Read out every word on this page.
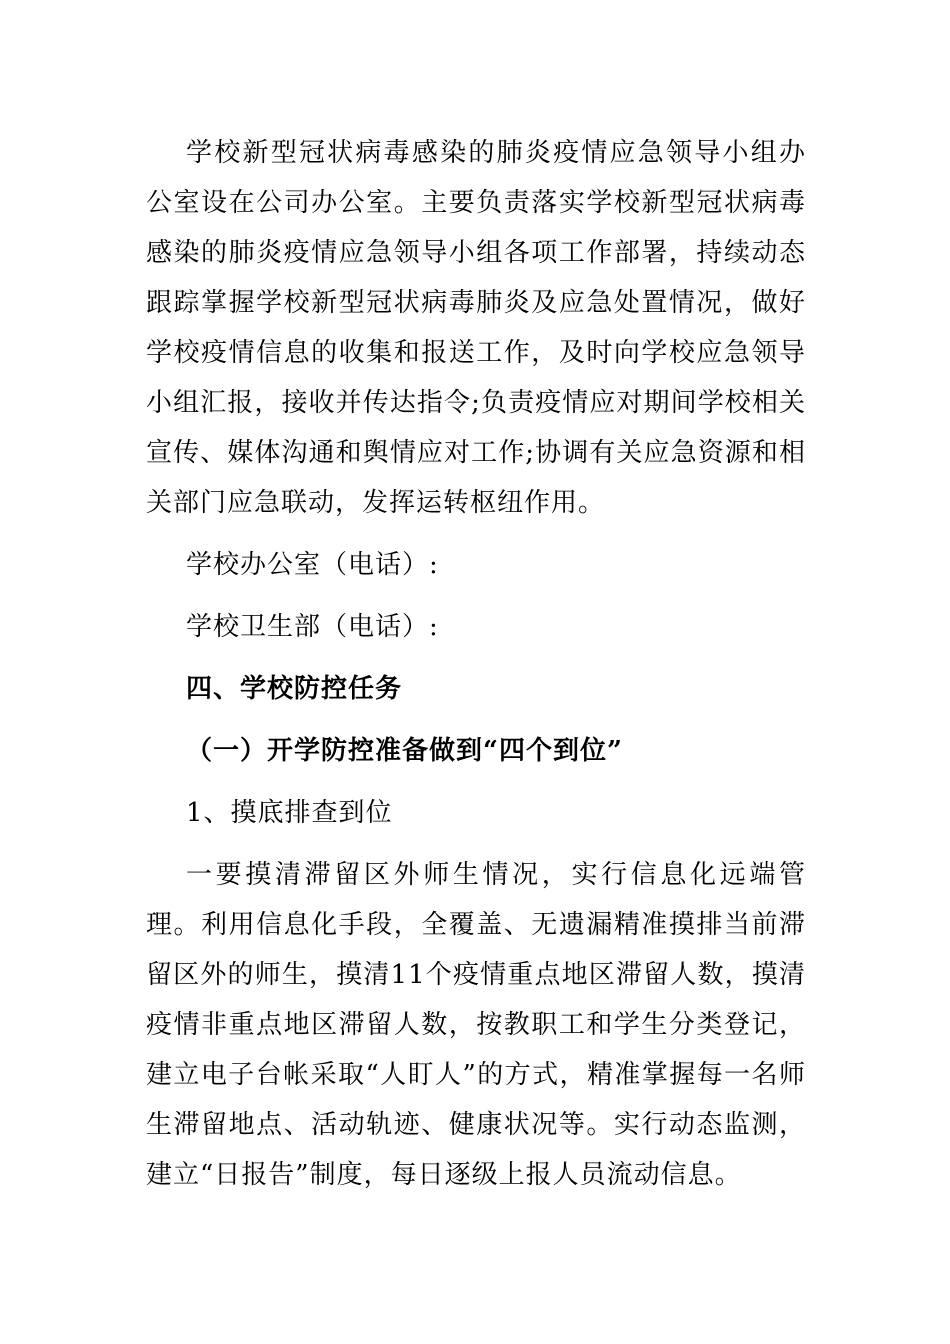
学校新型冠状病毒感染的肺炎疫情应急领导小组办公室设在公司办公室。主要负责落实学校新型冠状病毒感染的肺炎疫情应急领导小组各项工作部署，持续动态跟踪掌握学校新型冠状病毒肺炎及应急处置情况，做好学校疫情信息的收集和报送工作，及时向学校应急领导小组汇报，接收并传达指令;负责疫情应对期间学校相关宣传、媒体沟通和舆情应对工作;协调有关应急资源和相关部门应急联动，发挥运转枢纽作用。

学校办公室（电话）:

学校卫生部（电话）:

四、学校防控任务

（一）开学防控准备做到“四个到位”

1、摸底排查到位

一要摸清滞留区外师生情况，实行信息化远端管理。利用信息化手段，全覆盖、无遗漏精准摸排当前滞留区外的师生，摸清11个疫情重点地区滞留人数，摸清疫情非重点地区滞留人数，按教职工和学生分类登记，建立电子台帐采取“人盯人”的方式，精准掌握每一名师生滞留地点、活动轨迹、健康状况等。实行动态监测，建立“日报告”制度，每日逐级上报人员流动信息。
